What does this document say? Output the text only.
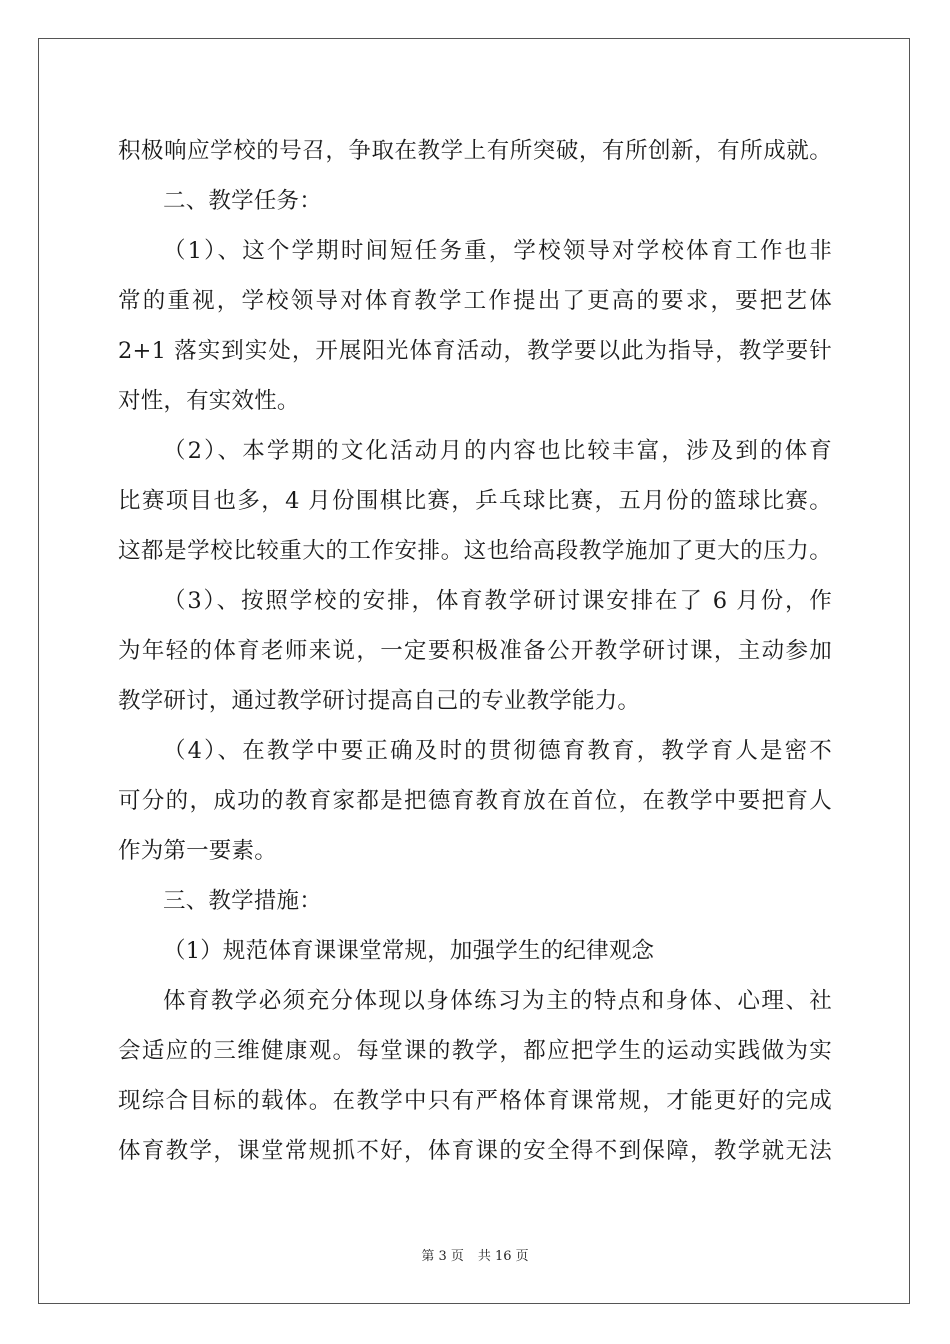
积极响应学校的号召，争取在教学上有所突破，有所创新，有所成就。
二、教学任务：
（1）、这个学期时间短任务重，学校领导对学校体育工作也非
常的重视，学校领导对体育教学工作提出了更高的要求，要把艺体
2+1 落实到实处，开展阳光体育活动，教学要以此为指导，教学要针
对性，有实效性。
（2）、本学期的文化活动月的内容也比较丰富，涉及到的体育
比赛项目也多，4 月份围棋比赛，乒乓球比赛，五月份的篮球比赛。
这都是学校比较重大的工作安排。这也给高段教学施加了更大的压力。
（3）、按照学校的安排，体育教学研讨课安排在了 6 月份，作
为年轻的体育老师来说，一定要积极准备公开教学研讨课，主动参加
教学研讨，通过教学研讨提高自己的专业教学能力。
（4）、在教学中要正确及时的贯彻德育教育，教学育人是密不
可分的，成功的教育家都是把德育教育放在首位，在教学中要把育人
作为第一要素。
三、教学措施：
（1）规范体育课课堂常规，加强学生的纪律观念
体育教学必须充分体现以身体练习为主的特点和身体、心理、社
会适应的三维健康观。每堂课的教学，都应把学生的运动实践做为实
现综合目标的载体。在教学中只有严格体育课常规，才能更好的完成
体育教学，课堂常规抓不好，体育课的安全得不到保障，教学就无法
第 3 页 共 16 页
